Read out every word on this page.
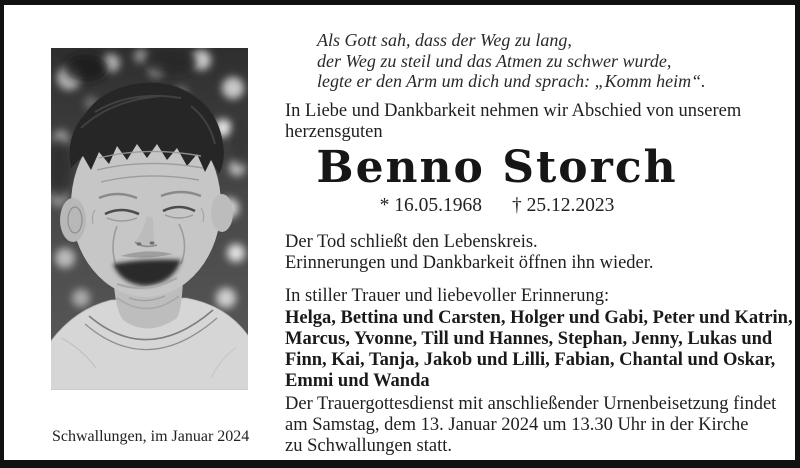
Als Gott sah, dass der Weg zu lang,
der Weg zu steil und das Atmen zu schwer wurde,
legte er den Arm um dich und sprach: „Komm heim“.
In Liebe und Dankbarkeit nehmen wir Abschied von unserem
herzensguten
Benno Storch
* 16.05.1968 † 25.12.2023
Der Tod schließt den Lebenskreis.
Erinnerungen und Dankbarkeit öffnen ihn wieder.
In stiller Trauer und liebevoller Erinnerung:
Helga, Bettina und Carsten, Holger und Gabi, Peter und Katrin,
Marcus, Yvonne, Till und Hannes, Stephan, Jenny, Lukas und
Finn, Kai, Tanja, Jakob und Lilli, Fabian, Chantal und Oskar,
Emmi und Wanda
Der Trauergottesdienst mit anschließender Urnenbeisetzung findet
am Samstag, dem 13. Januar 2024 um 13.30 Uhr in der Kirche
zu Schwallungen statt.
Schwallungen, im Januar 2024
